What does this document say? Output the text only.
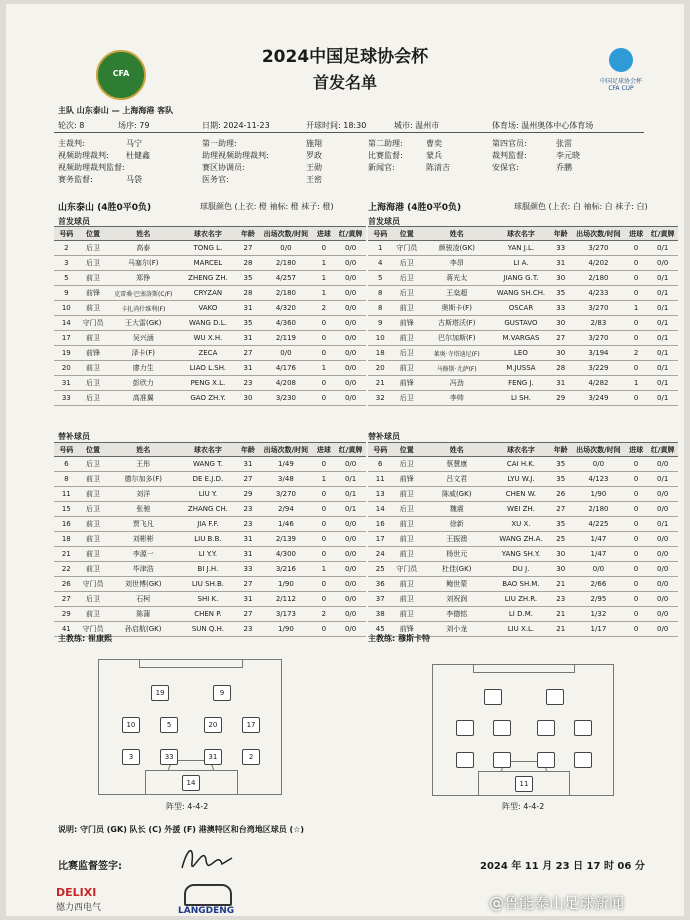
CFA
中国足球协会杯
CFA CUP
2024中国足球协会杯
首发名单
主队 山东泰山 — 上海海港 客队
轮次: 8	场序: 79	日期: 2024-11-23	开球时间: 18:30	城市: 温州市	体育场: 温州奥体中心体育场
主裁判:	马宁	第一助理:	施翔	第二助理:	曹奕	第四官员:	张雷
视频助理裁判: 杜健鑫	助理视频助理裁判:	罗政	比赛监督:	蒙兵	裁判监督:	李元晓
视频助理裁判监督:	赛区协调员:	王勋	新闻官:	陈清吉	安保官:	乔鹏
赛务监督:	马袋	医务官:	王密
山东泰山 (4胜0平0负)	球服颜色 (上衣: 橙 袖标: 橙 袜子: 橙)	上海海港 (4胜0平0负)	球服颜色 (上衣: 白 袖标: 白 袜子: 白)
首发球员	首发球员
号码	位置	姓名	球衣名字	年龄	出场次数/时间	进球	红/黄牌
2	后卫	高泰	TONG L.	27	0/0	0	0/0
3	后卫	马塞尔(F)	MARCEL	28	2/180	1	0/0
5	前卫	郑铮	ZHENG ZH.	35	4/257	1	0/0
9	前锋	克雷桑·巴塞洛斯(C/F)	CRYZAN	28	2/180	1	0/0
10	前卫	卡扎尚什维利(F)	VAKO	31	4/320	2	0/0
14	守门员	王大雷(GK)	WANG D.L.	35	4/360	0	0/0
17	前卫	吴兴涵	WU X.H.	31	2/119	0	0/0
19	前锋	泽卡(F)	ZECA	27	0/0	0	0/0
20	前卫	廖力生	LIAO L.SH.	31	4/176	1	0/0
31	后卫	彭欣力	PENG X.L.	23	4/208	0	0/0
33	后卫	高准翼	GAO ZH.Y.	30	3/230	0	0/0
号码	位置	姓名	球衣名字	年龄	出场次数/时间	进球	红/黄牌
1	守门员	颜骏凌(GK)	YAN J.L.	33	3/270	0	0/1
4	后卫	李昂	LI A.	31	4/202	0	0/0
5	后卫	蒋光太	JIANG G.T.	30	2/180	0	0/1
8	后卫	王燊超	WANG SH.CH.	35	4/233	0	0/1
8	前卫	奥斯卡(F)	OSCAR	33	3/270	1	0/1
9	前锋	古斯塔沃(F)	GUSTAVO	30	2/83	0	0/1
10	前卫	巴尔加斯(F)	M.VARGAS	27	3/270	0	0/1
18	后卫	莱奥·寺塔迪尼(F)	LEO	30	3/194	2	0/1
20	前卫	马修斯·尤萨(F)	M.JUSSA	28	3/229	0	0/1
21	前锋	冯劲	FENG J.	31	4/282	1	0/1
32	后卫	李帅	LI SH.	29	3/249	0	0/1
替补球员	替补球员
号码	位置	姓名	球衣名字	年龄	出场次数/时间	进球	红/黄牌
6	后卫	王彤	WANG T.	31	1/49	0	0/0
8	前卫	德尔加多(F)	DE E.J.D.	27	3/48	1	0/1
11	前卫	刘洋	LIU Y.	29	3/270	0	0/1
15	后卫	张驰	ZHANG CH.	23	2/94	0	0/1
16	前卫	贾飞凡	JIA F.F.	23	1/46	0	0/0
18	前卫	刘彬彬	LIU B.B.	31	2/139	0	0/0
21	前卫	李源一	LI Y.Y.	31	4/300	0	0/0
22	前卫	毕津浩	BI J.H.	33	3/216	1	0/0
26	守门员	刘世博(GK)	LIU SH.B.	27	1/90	0	0/0
27	后卫	石柯	SHI K.	31	2/112	0	0/0
29	前卫	陈蒲	CHEN P.	27	3/173	2	0/0
41	守门员	孙启航(GK)	SUN Q.H.	23	1/90	0	0/0
号码	位置	姓名	球衣名字	年龄	出场次数/时间	进球	红/黄牌
6	后卫	蔡慧康	CAI H.K.	35	0/0	0	0/0
11	前锋	吕文君	LYU W.J.	35	4/123	0	0/1
13	前卫	陈威(GK)	CHEN W.	26	1/90	0	0/0
14	后卫	魏震	WEI ZH.	27	2/180	0	0/0
16	前卫	徐新	XU X.	35	4/225	0	0/1
17	前卫	王振澳	WANG ZH.A.	25	1/47	0	0/0
24	前卫	杨世元	YANG SH.Y.	30	1/47	0	0/0
25	守门员	杜佳(GK)	DU J.	30	0/0	0	0/0
36	前卫	鲍世蒙	BAO SH.M.	21	2/66	0	0/0
37	前卫	刘祝润	LIU ZH.R.	23	2/95	0	0/0
38	前卫	李德铭	LI D.M.	21	1/32	0	0/0
45	前锋	刘小龙	LIU X.L.	21	1/17	0	0/0
主教练: 崔康熙	主教练: 穆斯卡特
19	9
10	5	20	17
3	33	31	2
14	11
阵型: 4-4-2	阵型: 4-4-2
说明: 守门员 (GK) 队长 (C) 外援 (F) 港澳特区和台湾地区球员 (☆)
比赛监督签字:	2024 年 11 月 23 日 17 时 06 分
DELIXI
德力西电气	LANGDENG	@鲁能泰山足球新闻
